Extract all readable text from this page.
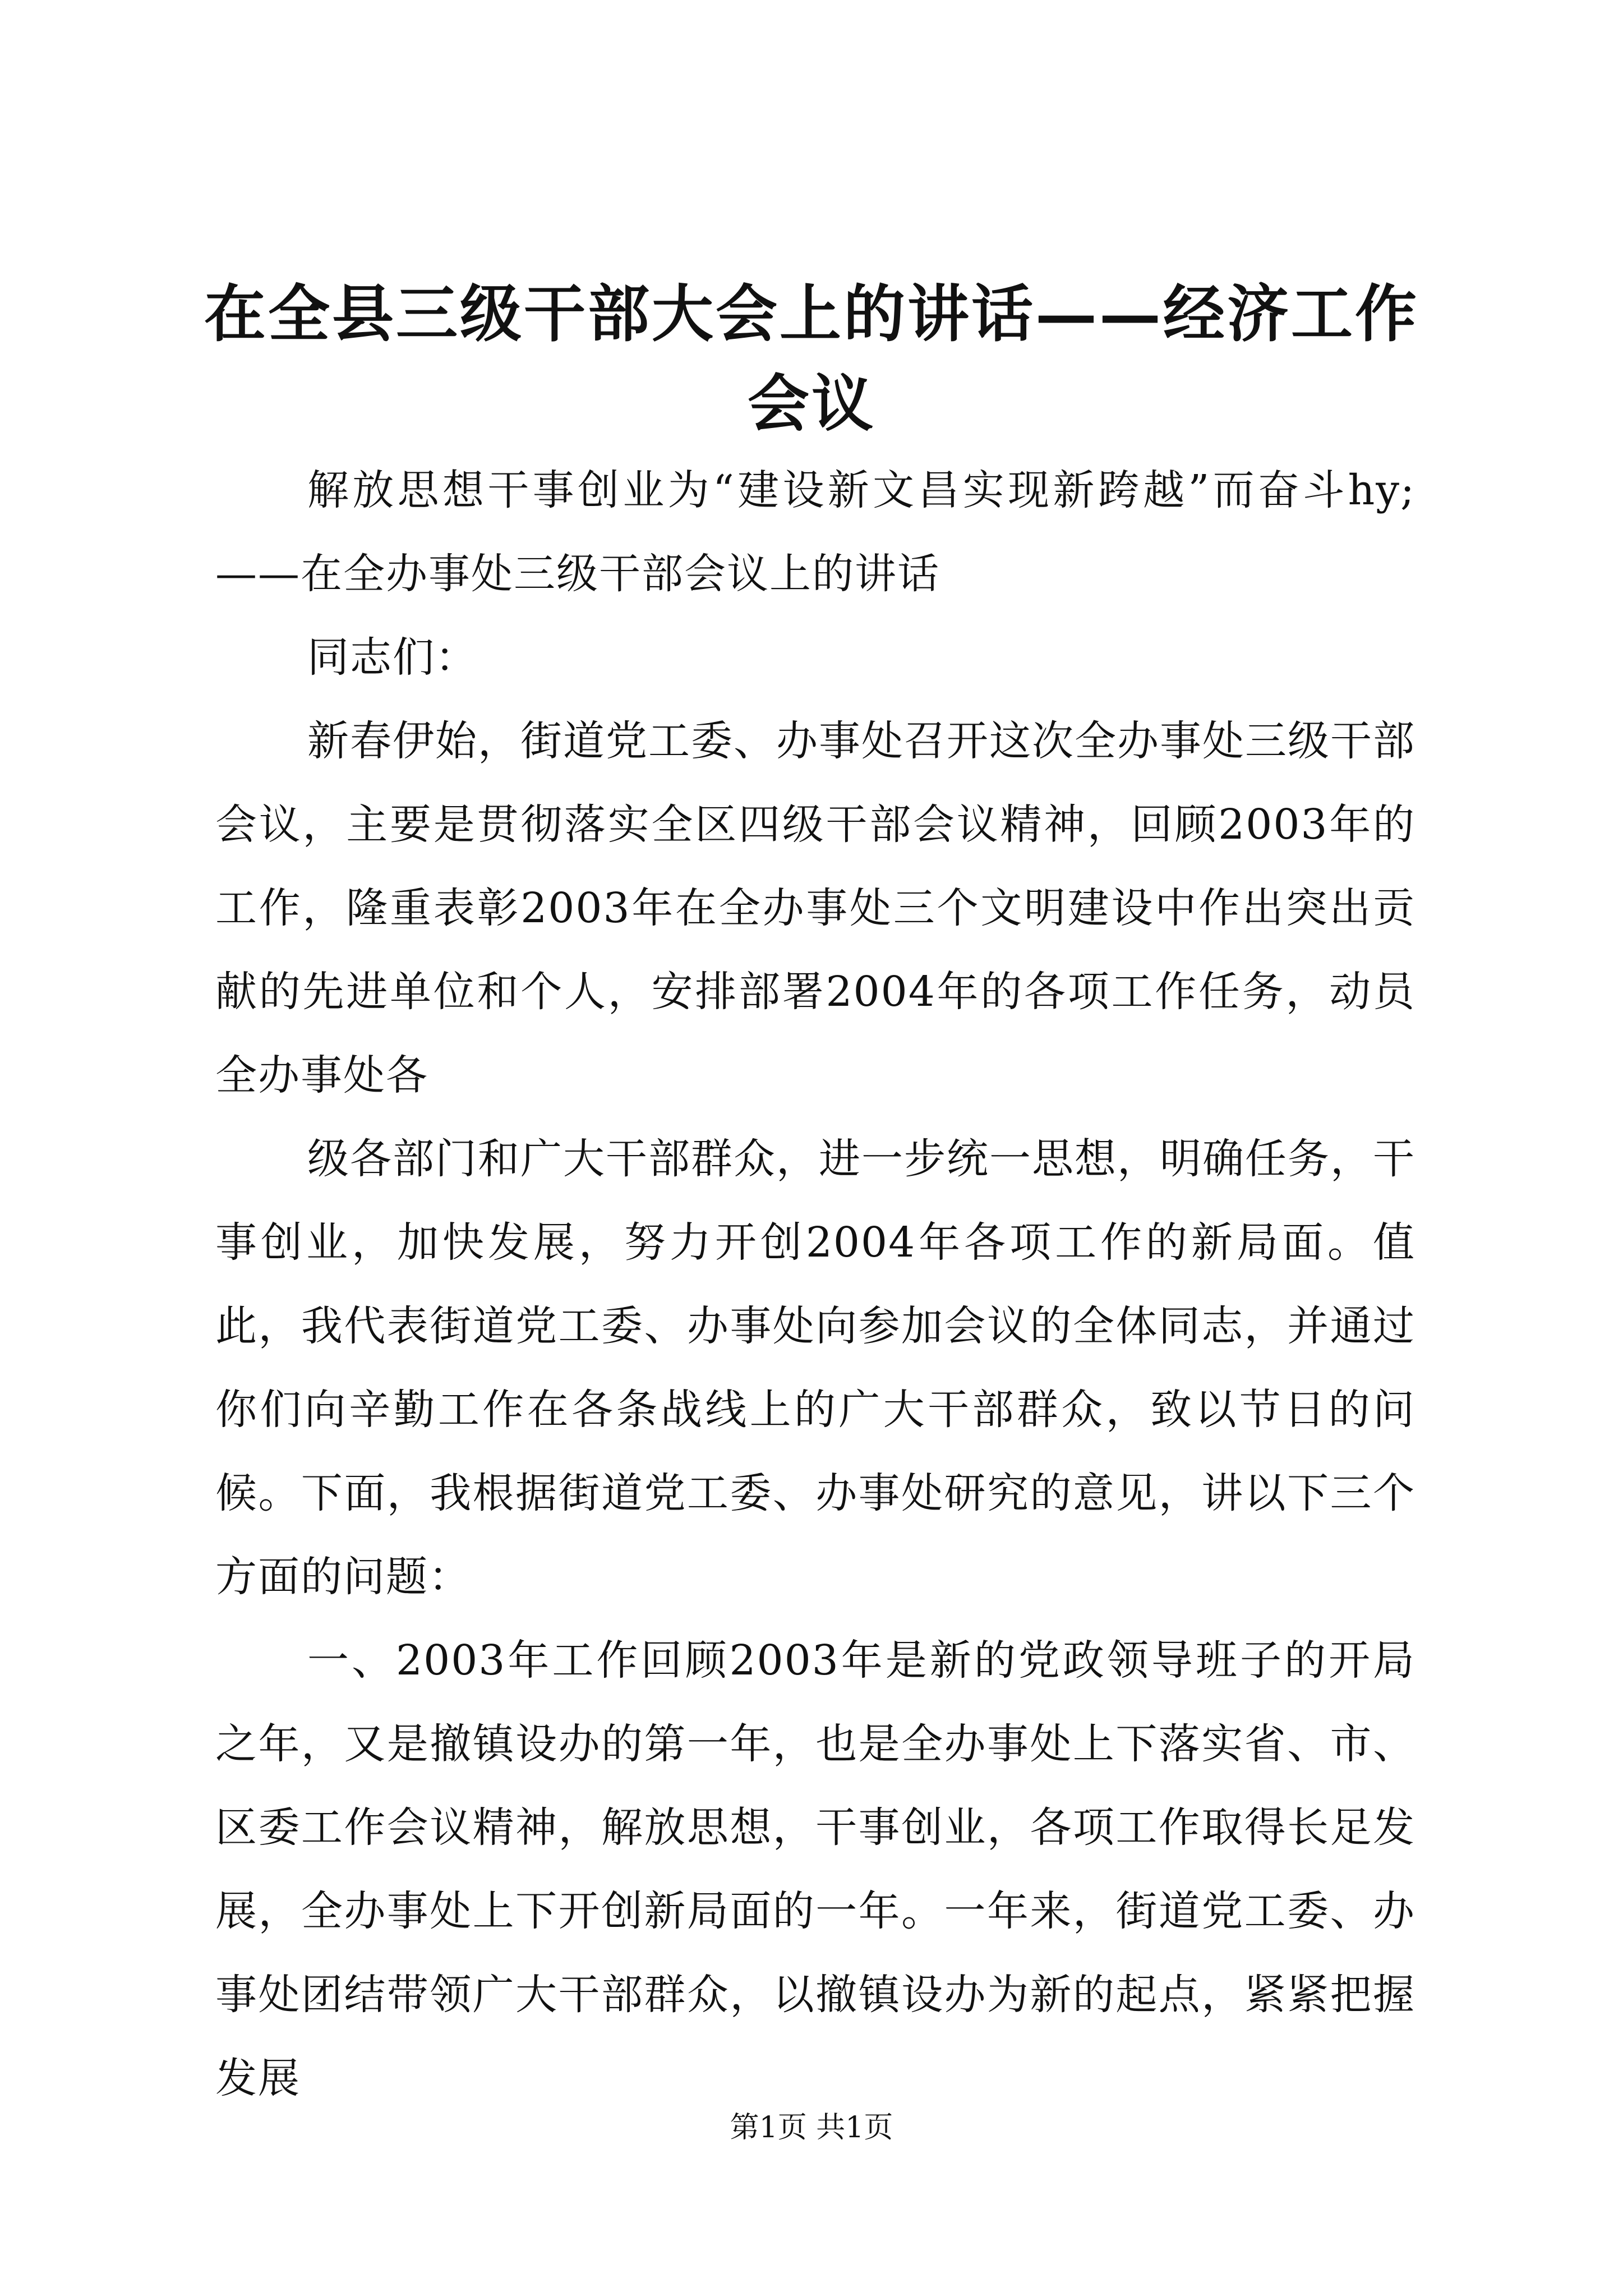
在全县三级干部大会上的讲话——经济工作会议

解放思想干事创业为“建设新文昌实现新跨越”而奋斗hy;——在全办事处三级干部会议上的讲话

同志们：

新春伊始，街道党工委、办事处召开这次全办事处三级干部会议，主要是贯彻落实全区四级干部会议精神，回顾2003年的工作，隆重表彰2003年在全办事处三个文明建设中作出突出贡献的先进单位和个人，安排部署2004年的各项工作任务，动员全办事处各

级各部门和广大干部群众，进一步统一思想，明确任务，干事创业，加快发展，努力开创2004年各项工作的新局面。值此，我代表街道党工委、办事处向参加会议的全体同志，并通过你们向辛勤工作在各条战线上的广大干部群众，致以节日的问候。下面，我根据街道党工委、办事处研究的意见，讲以下三个方面的问题：

一、2003年工作回顾2003年是新的党政领导班子的开局之年，又是撤镇设办的第一年，也是全办事处上下落实省、市、区委工作会议精神，解放思想，干事创业，各项工作取得长足发展，全办事处上下开创新局面的一年。一年来，街道党工委、办事处团结带领广大干部群众，以撤镇设办为新的起点，紧紧把握发展

第1页 共1页
